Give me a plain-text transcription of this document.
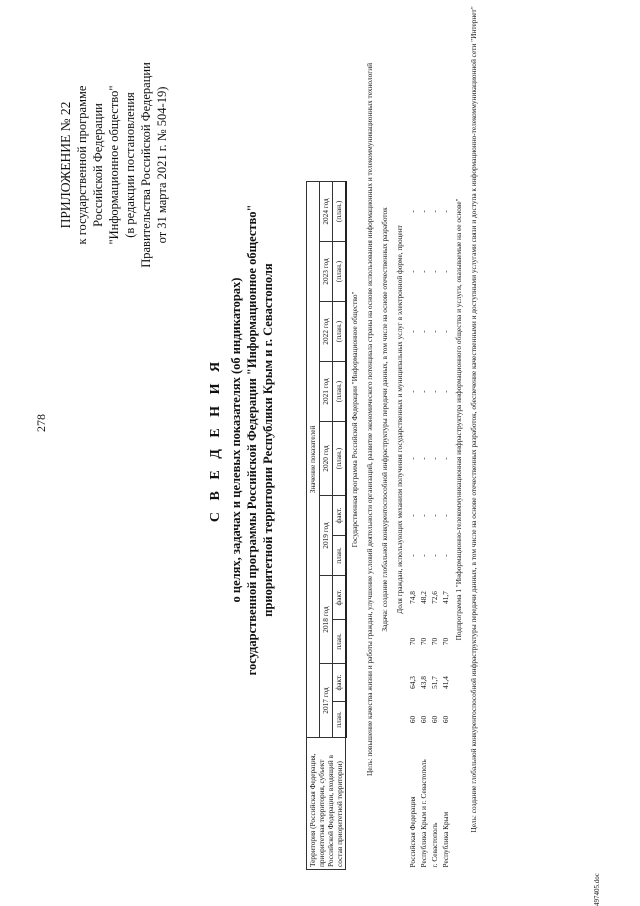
278
497405.doc
ПРИЛОЖЕНИЕ № 22 к государственной программе Российской Федерации "Информационное общество" (в редакции постановления Правительства Российской Федерации от 31 марта 2021 г. № 504-19)
С В Е Д Е Н И Я о целях, задачах и целевых показателях (об индикаторах) государственной программы Российской Федерации "Информационное общество" приоритетной территории Республики Крым и г. Севастополя
Территория (Российская Федерация, приоритетная территория, субъект Российской Федерации, входящий в состав приоритетной территории)	Значение показателей											
	2017 год		2018 год		2019 год		2020 год	2021 год	2022 год	2023 год	2024 год	
	план.	факт.	план.	факт.	план.	факт.	(план.)	(план.)	(план.)	(план.)	(план.)	
Государственная программа Российской Федерации "Информационное общество"												
Цель: повышение качества жизни и работы граждан, улучшение условий деятельности организаций, развитие экономического потенциала страны на основе использования информационных и телекоммуникационных технологий												
Задача: создание глобальной конкурентоспособной инфраструктуры передачи данных, в том числе на основе отечественных разработок												
Доля граждан, использующих механизм получения государственных и муниципальных услуг в электронной форме, процент												
Российская Федерация	60	64,3	70	74,8	-	-	-	-	-	-	-	
Республика Крым и г. Севастополь	60	43,8	70	48,2	-	-	-	-	-	-	-	
г. Севастополь	60	51,7	70	72,6	-	-	-	-	-	-	-	
Республика Крым	60	41,4	70	41,7	-	-	-	-	-	-	-	
Подпрограмма 1 "Информационно-телекоммуникационная инфраструктура информационного общества и услуги, оказываемые на ее основе"												
Цель: создание глобальной конкурентоспособной инфраструктуры передачи данных, в том числе на основе отечественных разработок, обеспечение качественными и доступными услугами связи и доступа к информационно-телекоммуникационной сети "Интернет"												
